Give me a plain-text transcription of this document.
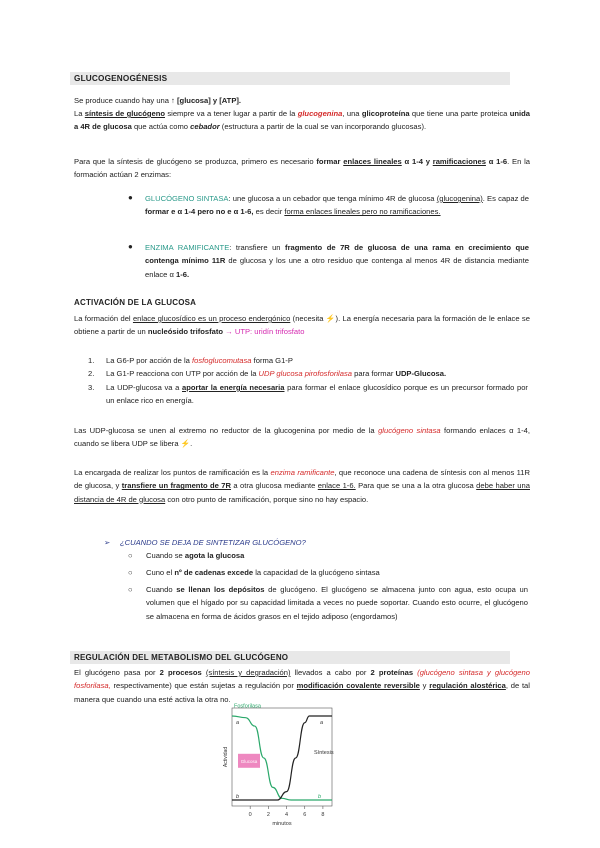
GLUCOGENOGÉNESIS
Se produce cuando hay una ↑ [glucosa] y [ATP].
La síntesis de glucógeno siempre va a tener lugar a partir de la glucogenina, una glicoproteína que tiene una parte proteica unida a 4R de glucosa que actúa como cebador (estructura a partir de la cual se van incorporando glucosas).
Para que la síntesis de glucógeno se produzca, primero es necesario formar enlaces lineales α 1-4 y ramificaciones α 1-6. En la formación actúan 2 enzimas:
● GLUCÓGENO SINTASA: une glucosa a un cebador que tenga mínimo 4R de glucosa (glucogenina). Es capaz de formar e α 1-4 pero no e α 1-6, es decir forma enlaces lineales pero no ramificaciones.
● ENZIMA RAMIFICANTE: transfiere un fragmento de 7R de glucosa de una rama en crecimiento que contenga mínimo 11R de glucosa y los une a otro residuo que contenga al menos 4R de distancia mediante enlace α 1-6.
ACTIVACIÓN DE LA GLUCOSA
La formación del enlace glucosídico es un proceso endergónico (necesita ⚡). La energía necesaria para la formación de le enlace se obtiene a partir de un nucleósido trifosfato → UTP: uridín trifosfato
1. La G6-P por acción de la fosfoglucomutasa forma G1-P
2. La G1-P reacciona con UTP por acción de la UDP glucosa pirofosforilasa para formar UDP-Glucosa.
3. La UDP-glucosa va a aportar la energía necesaria para formar el enlace glucosídico porque es un precursor formado por un enlace rico en energía.
Las UDP-glucosa se unen al extremo no reductor de la glucogenina por medio de la glucógeno sintasa formando enlaces α 1-4, cuando se libera UDP se libera ⚡.
La encargada de realizar los puntos de ramificación es la enzima ramificante, que reconoce una cadena de síntesis con al menos 11R de glucosa, y transfiere un fragmento de 7R a otra glucosa mediante enlace 1-6. Para que se una a la otra glucosa debe haber una distancia de 4R de glucosa con otro punto de ramificación, porque sino no hay espacio.
➢ ¿CUANDO SE DEJA DE SINTETIZAR GLUCÓGENO?
○ Cuando se agota la glucosa
○ Cuno el nº de cadenas excede la capacidad de la glucógeno sintasa
○ Cuando se llenan los depósitos de glucógeno. El glucógeno se almacena junto con agua, esto ocupa un volumen que el hígado por su capacidad limitada a veces no puede soportar. Cuando esto ocurre, el glucógeno se almacena en forma de ácidos grasos en el tejido adiposo (engordamos)
REGULACIÓN DEL METABOLISMO DEL GLUCÓGENO
El glucógeno pasa por 2 procesos (síntesis y degradación) llevados a cabo por 2 proteínas (glucógeno sintasa y glucógeno fosforilasa, respectivamente) que están sujetas a regulación por modificación covalente reversible y regulación alostérica, de tal manera que cuando una esté activa la otra no.
Glucosa
0	2	4	6	8
minutos
Actividad
Fosforilasa
Síntesis
a	a
b	b
